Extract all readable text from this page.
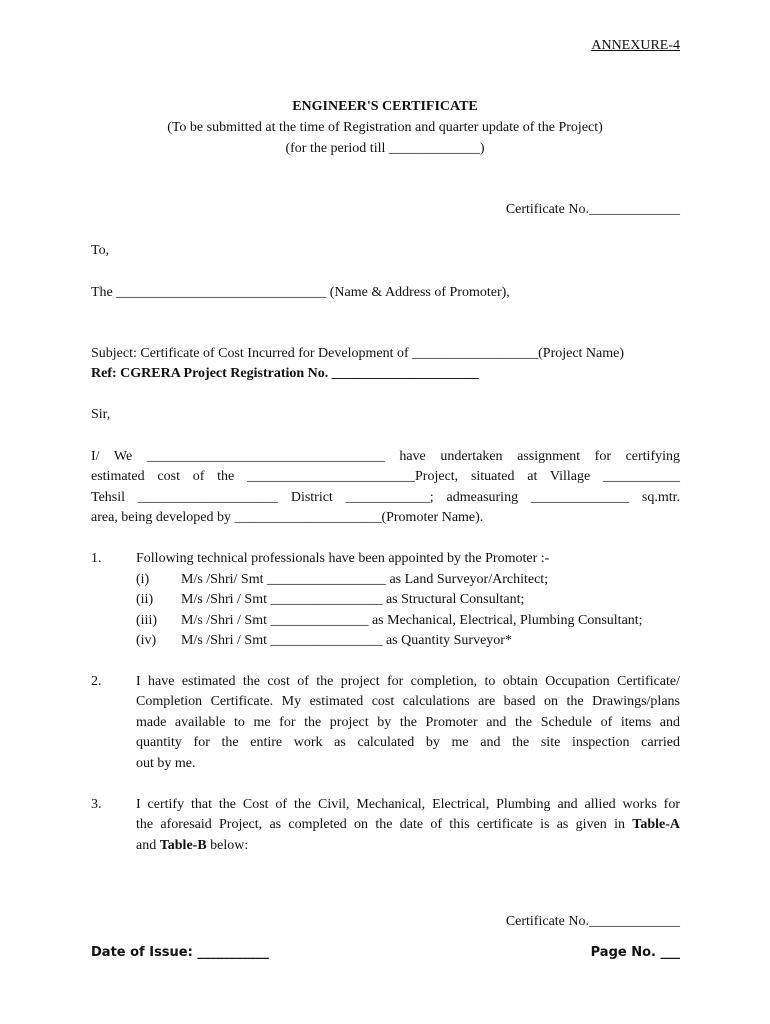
ANNEXURE-4
ENGINEER'S CERTIFICATE
(To be submitted at the time of Registration and quarter update of the Project)
(for the period till _____________)
Certificate No._____________
To,
The ______________________________ (Name & Address of Promoter),
Subject: Certificate of Cost Incurred for Development of __________________(Project Name)
Ref: CGRERA Project Registration No. _____________________
Sir,
I/ We __________________________________ have undertaken assignment for certifying
estimated cost of the ________________________Project, situated at Village ___________
Tehsil ____________________ District ____________; admeasuring ______________ sq.mtr.
area, being developed by _____________________(Promoter Name).
1. Following technical professionals have been appointed by the Promoter :-
(i) M/s /Shri/ Smt _________________ as Land Surveyor/Architect;
(ii) M/s /Shri / Smt ________________ as Structural Consultant;
(iii) M/s /Shri / Smt ______________ as Mechanical, Electrical, Plumbing Consultant;
(iv) M/s /Shri / Smt ________________ as Quantity Surveyor*
2. I have estimated the cost of the project for completion, to obtain Occupation Certificate/
Completion Certificate. My estimated cost calculations are based on the Drawings/plans
made available to me for the project by the Promoter and the Schedule of items and
quantity for the entire work as calculated by me and the site inspection carried
out by me.
3. I certify that the Cost of the Civil, Mechanical, Electrical, Plumbing and allied works for
the aforesaid Project, as completed on the date of this certificate is as given in Table-A
and Table-B below:
Certificate No._____________
Date of Issue: ___________	Page No. ___
